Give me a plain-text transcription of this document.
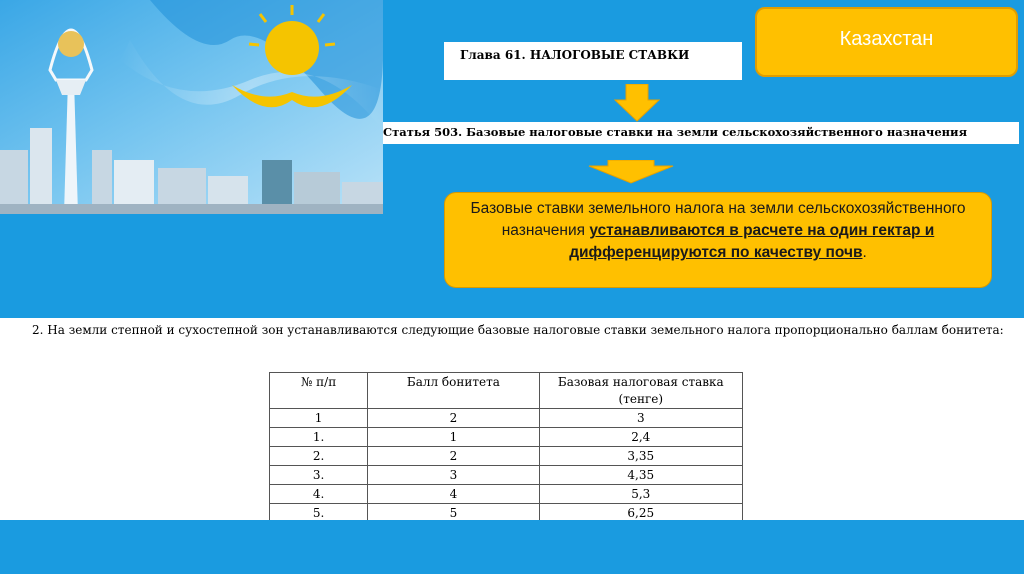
Глава 61. НАЛОГОВЫЕ СТАВКИ
Казахстан
Статья 503. Базовые налоговые ставки на земли сельскохозяйственного назначения
Базовые ставки земельного налога на земли сельскохозяйственного назначения устанавливаются в расчете на один гектар и дифференцируются по качеству почв.
2. На земли степной и сухостепной зон устанавливаются следующие базовые налоговые ставки земельного налога пропорционально баллам бонитета:
№ п/п	Балл бонитета	Базовая налоговая ставка (тенге)
1	2	3
1.	1	2,4
2.	2	3,35
3.	3	4,35
4.	4	5,3
5.	5	6,25
